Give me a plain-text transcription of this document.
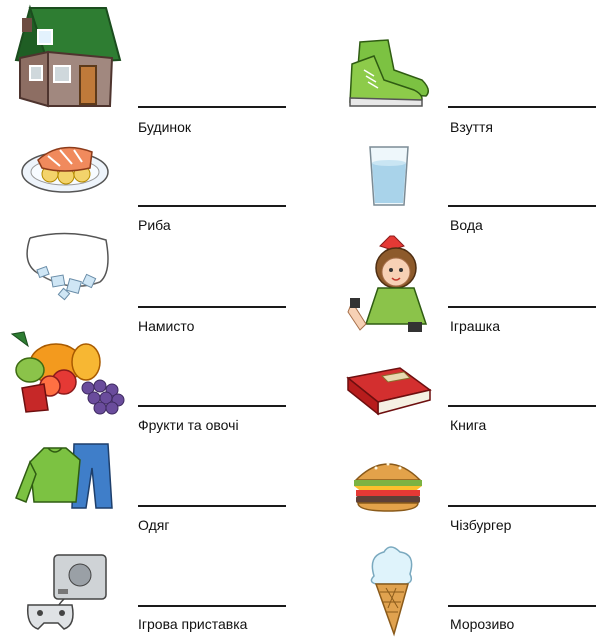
Будинок
Риба
Намисто
Фрукти та овочі
Одяг
Ігрова приставка
Взуття
Вода
Іграшка
Книга
Чізбургер
Морозиво
